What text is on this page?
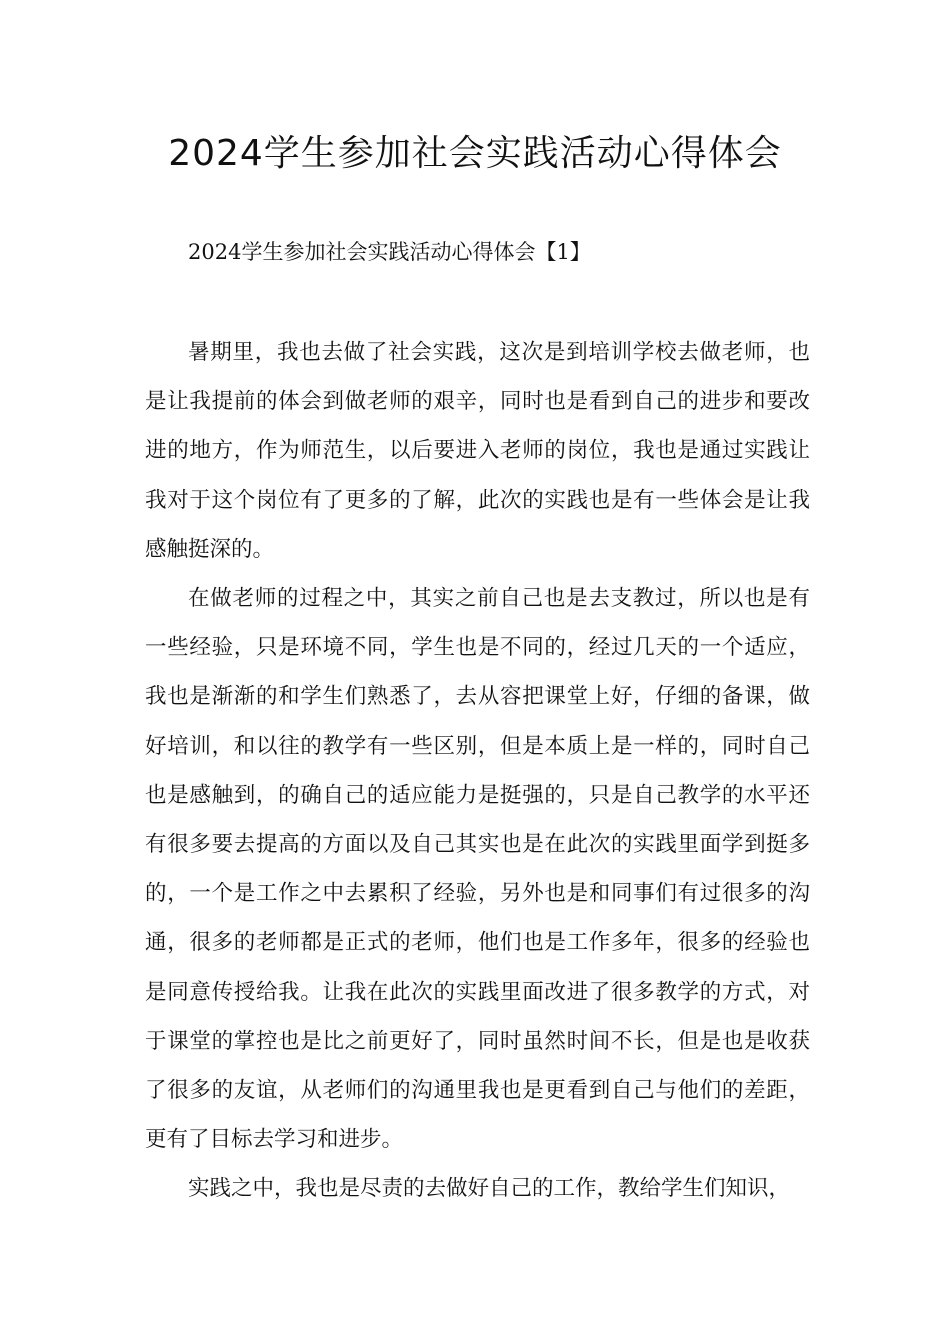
2024学生参加社会实践活动心得体会

2024学生参加社会实践活动心得体会【1】

暑期里，我也去做了社会实践，这次是到培训学校去做老师，也是让我提前的体会到做老师的艰辛，同时也是看到自己的进步和要改进的地方，作为师范生，以后要进入老师的岗位，我也是通过实践让我对于这个岗位有了更多的了解，此次的实践也是有一些体会是让我感触挺深的。

在做老师的过程之中，其实之前自己也是去支教过，所以也是有一些经验，只是环境不同，学生也是不同的，经过几天的一个适应，我也是渐渐的和学生们熟悉了，去从容把课堂上好，仔细的备课，做好培训，和以往的教学有一些区别，但是本质上是一样的，同时自己也是感触到，的确自己的适应能力是挺强的，只是自己教学的水平还有很多要去提高的方面以及自己其实也是在此次的实践里面学到挺多的，一个是工作之中去累积了经验，另外也是和同事们有过很多的沟通，很多的老师都是正式的老师，他们也是工作多年，很多的经验也是同意传授给我。让我在此次的实践里面改进了很多教学的方式，对于课堂的掌控也是比之前更好了，同时虽然时间不长，但是也是收获了很多的友谊，从老师们的沟通里我也是更看到自己与他们的差距，更有了目标去学习和进步。

实践之中，我也是尽责的去做好自己的工作，教给学生们知识，
